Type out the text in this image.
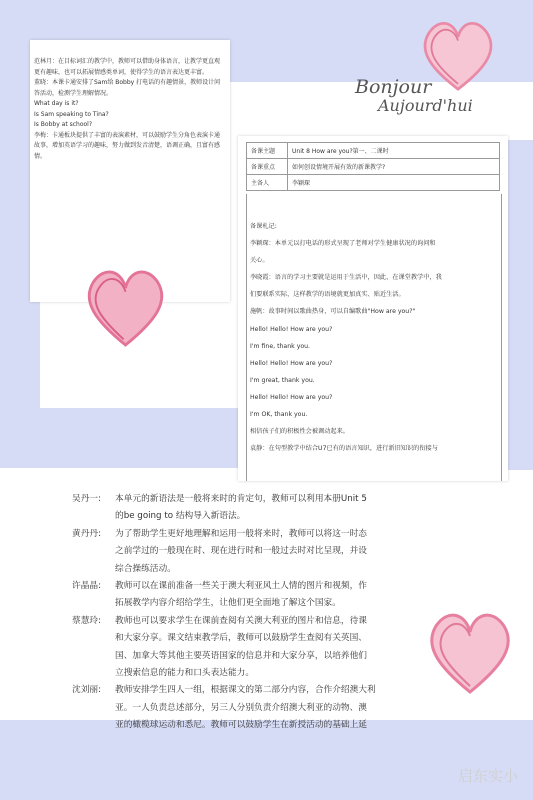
范林月：在目标词汇的教学中，教师可以借助身体语言，让教学更直观
更有趣味，也可以拓展情感类单词，使得学生的语言表达更丰富。
董晓：本课卡通安排了Sam给 Bobby 打电话的有趣情景，教师设计问
答活动，检测学生理解情况。
What day is it?
Is Sam speaking to Tina?
Is Bobby at school?
李梅：卡通板块提供了丰富的表演素材，可以鼓励学生分角色表演卡通
故事，增加英语学习的趣味，努力做到发音清楚，语调正确，且富有感
情。
Bonjour
Aujourd'hui
备课主题	Unit 8 How are you?第一、二课时
备课重点	如何创设情境开展有效的新课教学?
主备人	李颖琛
备课札记:
李颖琛：本单元以打电话的形式呈现了老师对学生健康状况的询问和
关心。
李晓霞：语言的学习主要就是运用于生活中，因此，在课堂教学中，我
们要联系实际，这样教学的语境就更加真实、贴近生活。
施帆：故事时间以歌曲热身，可以自编歌曲"How are you?"
Hello! Hello! How are you?
I'm fine, thank you.
Hello! Hello! How are you?
I'm great, thank you.
Hello! Hello! How are you?
I'm OK, thank you.
相信孩子们的积极性会被调动起来。
袁静：在句型教学中结合U7已有的语言知识，进行新旧知识的衔接与
吴丹一: 本单元的新语法是一般将来时的肯定句，教师可以利用本册Unit 5
的be going to 结构导入新语法。
黄丹丹: 为了帮助学生更好地理解和运用一般将来时，教师可以将这一时态
之前学过的一般现在时、现在进行时和一般过去时对比呈现，并设
综合操练活动。
许晶晶: 教师可以在课前准备一些关于澳大利亚风土人情的图片和视频，作
拓展教学内容介绍给学生，让他们更全面地了解这个国家。
蔡慧玲: 教师也可以要求学生在课前查阅有关澳大利亚的图片和信息，待课
和大家分享。课文结束教学后，教师可以鼓励学生查阅有关英国、
国、加拿大等其他主要英语国家的信息并和大家分享，以培养他们
立搜索信息的能力和口头表达能力。
沈刘丽: 教师安排学生四人一组，根据课文的第二部分内容，合作介绍澳大利
亚。一人负责总述部分，另三人分别负责介绍澳大利亚的动物、澳
亚的橄榄球运动和悉尼。教师可以鼓励学生在新授活动的基础上延
启东实小
